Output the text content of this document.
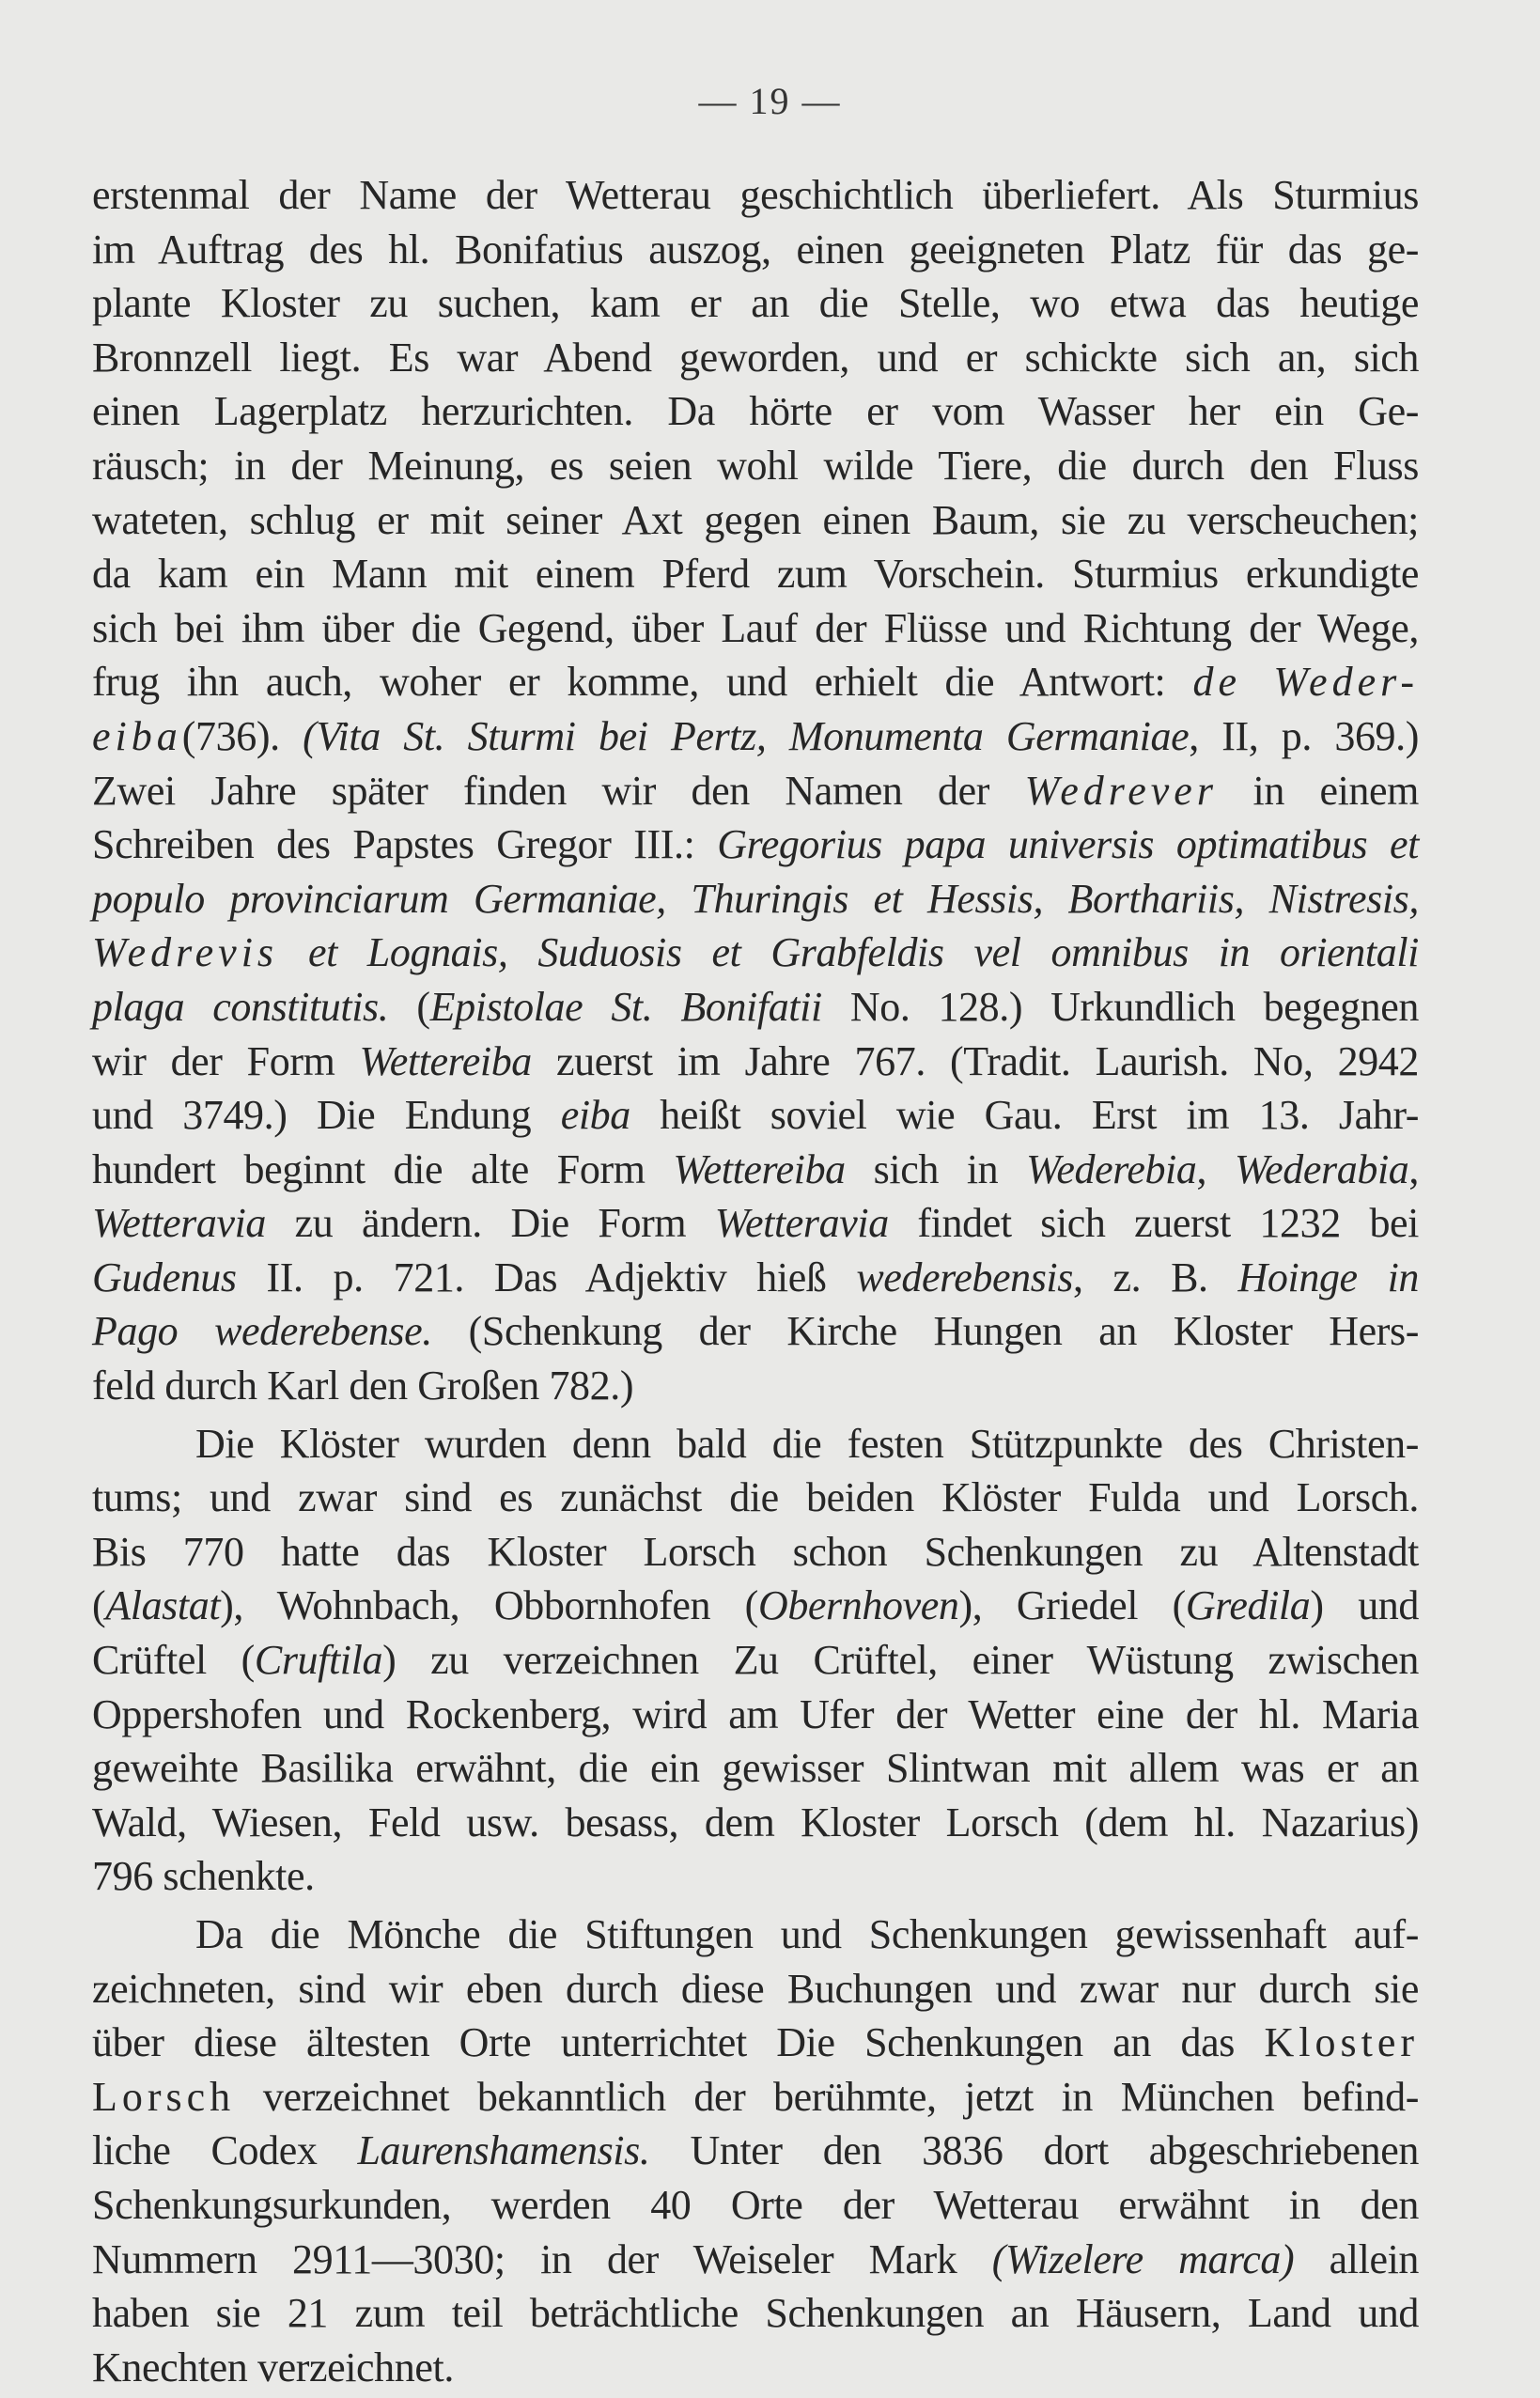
— 19 —
erstenmal der Name der Wetterau geschichtlich überliefert. Als Sturmius
im Auftrag des hl. Bonifatius auszog, einen geeigneten Platz für das ge-
plante Kloster zu suchen, kam er an die Stelle, wo etwa das heutige
Bronnzell liegt. Es war Abend geworden, und er schickte sich an, sich
einen Lagerplatz herzurichten. Da hörte er vom Wasser her ein Ge-
räusch; in der Meinung, es seien wohl wilde Tiere, die durch den Fluss
wateten, schlug er mit seiner Axt gegen einen Baum, sie zu verscheuchen;
da kam ein Mann mit einem Pferd zum Vorschein. Sturmius erkundigte
sich bei ihm über die Gegend, über Lauf der Flüsse und Richtung der Wege,
frug ihn auch, woher er komme, und erhielt die Antwort: de Weder-
eiba(736). (Vita St. Sturmi bei Pertz, Monumenta Germaniae, II, p. 369.)
Zwei Jahre später finden wir den Namen der Wedrever in einem
Schreiben des Papstes Gregor III.: Gregorius papa universis optimatibus et
populo provinciarum Germaniae, Thuringis et Hessis, Borthariis, Nistresis,
Wedrevis et Lognais, Suduosis et Grabfeldis vel omnibus in orientali
plaga constitutis. (Epistolae St. Bonifatii No. 128.) Urkundlich begegnen
wir der Form Wettereiba zuerst im Jahre 767. (Tradit. Laurish. No, 2942
und 3749.) Die Endung eiba heißt soviel wie Gau. Erst im 13. Jahr-
hundert beginnt die alte Form Wettereiba sich in Wederebia, Wederabia,
Wetteravia zu ändern. Die Form Wetteravia findet sich zuerst 1232 bei
Gudenus II. p. 721. Das Adjektiv hieß wederebensis, z. B. Hoinge in
Pago wederebense. (Schenkung der Kirche Hungen an Kloster Hers-
feld durch Karl den Großen 782.)
Die Klöster wurden denn bald die festen Stützpunkte des Christen-
tums; und zwar sind es zunächst die beiden Klöster Fulda und Lorsch.
Bis 770 hatte das Kloster Lorsch schon Schenkungen zu Altenstadt
(Alastat), Wohnbach, Obbornhofen (Obernhoven), Griedel (Gredila) und
Crüftel (Cruftila) zu verzeichnen Zu Crüftel, einer Wüstung zwischen
Oppershofen und Rockenberg, wird am Ufer der Wetter eine der hl. Maria
geweihte Basilika erwähnt, die ein gewisser Slintwan mit allem was er an
Wald, Wiesen, Feld usw. besass, dem Kloster Lorsch (dem hl. Nazarius)
796 schenkte.
Da die Mönche die Stiftungen und Schenkungen gewissenhaft auf-
zeichneten, sind wir eben durch diese Buchungen und zwar nur durch sie
über diese ältesten Orte unterrichtet Die Schenkungen an das Kloster
Lorsch verzeichnet bekanntlich der berühmte, jetzt in München befind-
liche Codex Laurenshamensis. Unter den 3836 dort abgeschriebenen
Schenkungsurkunden, werden 40 Orte der Wetterau erwähnt in den
Nummern 2911—3030; in der Weiseler Mark (Wizelere marca) allein
haben sie 21 zum teil beträchtliche Schenkungen an Häusern, Land und
Knechten verzeichnet.
